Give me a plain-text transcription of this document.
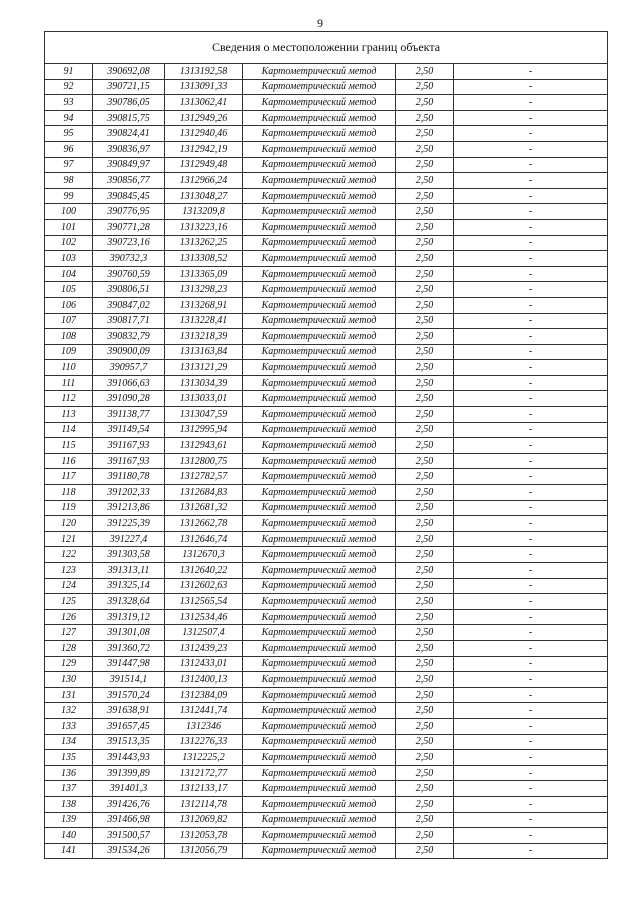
9
Сведения о местоположении границ объекта					
91	390692,08	1313192,58	Картометрический метод	2,50	-
92	390721,15	1313091,33	Картометрический метод	2,50	-
93	390786,05	1313062,41	Картометрический метод	2,50	-
94	390815,75	1312949,26	Картометрический метод	2,50	-
95	390824,41	1312940,46	Картометрический метод	2,50	-
96	390836,97	1312942,19	Картометрический метод	2,50	-
97	390849,97	1312949,48	Картометрический метод	2,50	-
98	390856,77	1312966,24	Картометрический метод	2,50	-
99	390845,45	1313048,27	Картометрический метод	2,50	-
100	390776,95	1313209,8	Картометрический метод	2,50	-
101	390771,28	1313223,16	Картометрический метод	2,50	-
102	390723,16	1313262,25	Картометрический метод	2,50	-
103	390732,3	1313308,52	Картометрический метод	2,50	-
104	390760,59	1313365,09	Картометрический метод	2,50	-
105	390806,51	1313298,23	Картометрический метод	2,50	-
106	390847,02	1313268,91	Картометрический метод	2,50	-
107	390817,71	1313228,41	Картометрический метод	2,50	-
108	390832,79	1313218,39	Картометрический метод	2,50	-
109	390900,09	1313163,84	Картометрический метод	2,50	-
110	390957,7	1313121,29	Картометрический метод	2,50	-
111	391066,63	1313034,39	Картометрический метод	2,50	-
112	391090,28	1313033,01	Картометрический метод	2,50	-
113	391138,77	1313047,59	Картометрический метод	2,50	-
114	391149,54	1312995,94	Картометрический метод	2,50	-
115	391167,93	1312943,61	Картометрический метод	2,50	-
116	391167,93	1312800,75	Картометрический метод	2,50	-
117	391180,78	1312782,57	Картометрический метод	2,50	-
118	391202,33	1312684,83	Картометрический метод	2,50	-
119	391213,86	1312681,32	Картометрический метод	2,50	-
120	391225,39	1312662,78	Картометрический метод	2,50	-
121	391227,4	1312646,74	Картометрический метод	2,50	-
122	391303,58	1312670,3	Картометрический метод	2,50	-
123	391313,11	1312640,22	Картометрический метод	2,50	-
124	391325,14	1312602,63	Картометрический метод	2,50	-
125	391328,64	1312565,54	Картометрический метод	2,50	-
126	391319,12	1312534,46	Картометрический метод	2,50	-
127	391301,08	1312507,4	Картометрический метод	2,50	-
128	391360,72	1312439,23	Картометрический метод	2,50	-
129	391447,98	1312433,01	Картометрический метод	2,50	-
130	391514,1	1312400,13	Картометрический метод	2,50	-
131	391570,24	1312384,09	Картометрический метод	2,50	-
132	391638,91	1312441,74	Картометрический метод	2,50	-
133	391657,45	1312346	Картометрический метод	2,50	-
134	391513,35	1312276,33	Картометрический метод	2,50	-
135	391443,93	1312225,2	Картометрический метод	2,50	-
136	391399,89	1312172,77	Картометрический метод	2,50	-
137	391401,3	1312133,17	Картометрический метод	2,50	-
138	391426,76	1312114,78	Картометрический метод	2,50	-
139	391466,98	1312069,82	Картометрический метод	2,50	-
140	391500,57	1312053,78	Картометрический метод	2,50	-
141	391534,26	1312056,79	Картометрический метод	2,50	-
